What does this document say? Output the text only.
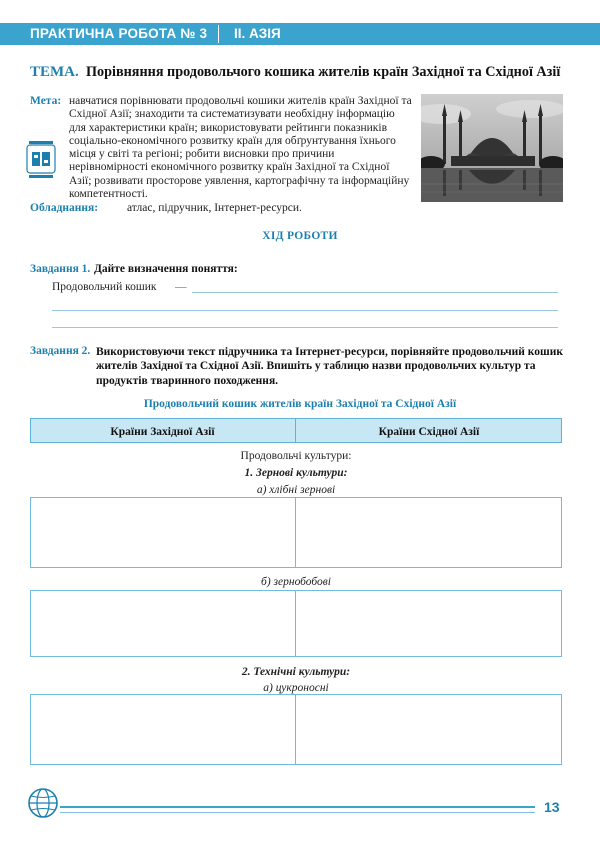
ПРАКТИЧНА РОБОТА № 3 ІІ. АЗІЯ
ТЕМА. Порівняння продовольчого кошика жителів країн Західної та Східної Азії
Мета: навчатися порівнювати продовольчі кошики жителів країн Західної та Східної Азії; знаходити та систематизувати необхідну інформацію для характеристики країн; використовувати рейтинги показників соціально-економічного розвитку країн для обґрунтування їхнього місця у світі та регіоні; робити висновки про причини нерівномірності економічного розвитку країн Західної та Східної Азії; розвивати просторове уявлення, картографічну та інформаційну компетентності.
Обладнання:	атлас, підручник, Інтернет-ресурси.
ХІД РОБОТИ
Завдання 1. Дайте визначення поняття:
Продовольчий кошик —
Завдання 2. Використовуючи текст підручника та Інтернет-ресурси, порівняйте продовольчий кошик жителів Західної та Східної Азії. Впишіть у таблицю назви продовольчих культур та продуктів тваринного походження.
Продовольчий кошик жителів країн Західної та Східної Азії
Країни Західної Азії	Країни Східної Азії
Продовольчі культури:
1. Зернові культури:
а) хлібні зернові
б) зернобобові
2. Технічні культури:
а) цукроносні
13
